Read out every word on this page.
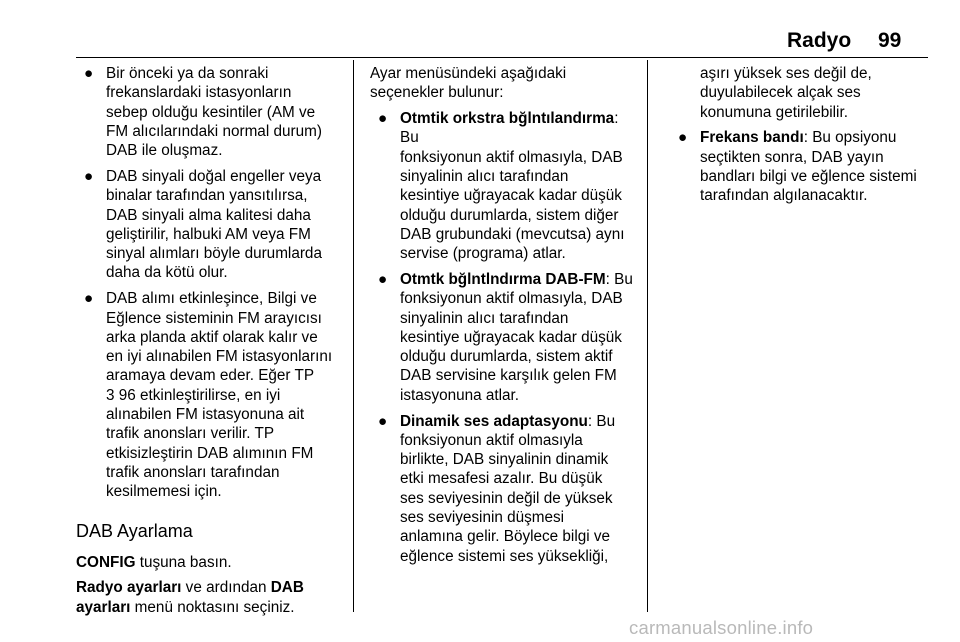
Radyo 99
● Bir önceki ya da sonraki
frekanslardaki istasyonların
sebep olduğu kesintiler (AM ve
FM alıcılarındaki normal durum)
DAB ile oluşmaz.
● DAB sinyali doğal engeller veya
binalar tarafından yansıtılırsa,
DAB sinyali alma kalitesi daha
geliştirilir, halbuki AM veya FM
sinyal alımları böyle durumlarda
daha da kötü olur.
● DAB alımı etkinleşince, Bilgi ve
Eğlence sisteminin FM arayıcısı
arka planda aktif olarak kalır ve
en iyi alınabilen FM istasyonlarını
aramaya devam eder. Eğer TP
3 96 etkinleştirilirse, en iyi
alınabilen FM istasyonuna ait
trafik anonsları verilir. TP
etkisizleştirin DAB alımının FM
trafik anonsları tarafından
kesilmemesi için.
DAB Ayarlama

CONFIG tuşuna basın.

Radyo ayarları ve ardından DAB
ayarları menü noktasını seçiniz.

Ayar menüsündeki aşağıdaki
seçenekler bulunur:

● Otmtik orkstra bğlntılandırma: Bu
fonksiyonun aktif olmasıyla, DAB
sinyalinin alıcı tarafından
kesintiye uğrayacak kadar düşük
olduğu durumlarda, sistem diğer
DAB grubundaki (mevcutsa) aynı
servise (programa) atlar.
● Otmtk bğlntlndırma DAB-FM: Bu
fonksiyonun aktif olmasıyla, DAB
sinyalinin alıcı tarafından
kesintiye uğrayacak kadar düşük
olduğu durumlarda, sistem aktif
DAB servisine karşılık gelen FM
istasyonuna atlar.
● Dinamik ses adaptasyonu: Bu
fonksiyonun aktif olmasıyla
birlikte, DAB sinyalinin dinamik
etki mesafesi azalır. Bu düşük
ses seviyesinin değil de yüksek
ses seviyesinin düşmesi
anlamına gelir. Böylece bilgi ve
eğlence sistemi ses yüksekliği,
aşırı yüksek ses değil de,
duyulabilecek alçak ses
konumuna getirilebilir.
● Frekans bandı: Bu opsiyonu
seçtikten sonra, DAB yayın
bandları bilgi ve eğlence sistemi
tarafından algılanacaktır.
carmanualsonline.info
